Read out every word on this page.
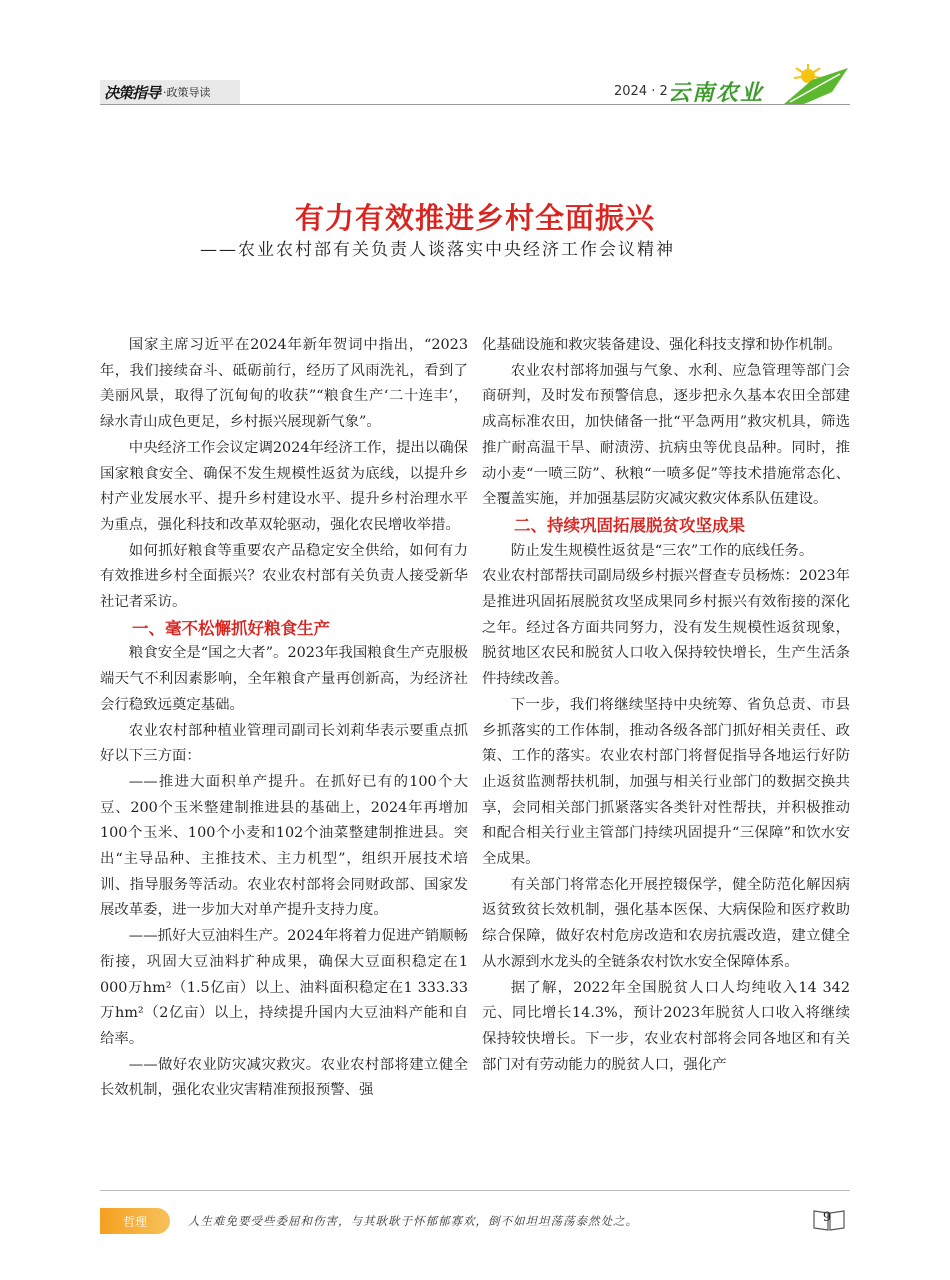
决策指导 ·政策导读	2024 · 2 云南农业
有力有效推进乡村全面振兴
——农业农村部有关负责人谈落实中央经济工作会议精神

国家主席习近平在2024年新年贺词中指出，“2023年，我们接续奋斗、砥砺前行，经历了风雨洗礼，看到了美丽风景，取得了沉甸甸的收获”“粮食生产‘二十连丰’，绿水青山成色更足，乡村振兴展现新气象”。

中央经济工作会议定调2024年经济工作，提出以确保国家粮食安全、确保不发生规模性返贫为底线，以提升乡村产业发展水平、提升乡村建设水平、提升乡村治理水平为重点，强化科技和改革双轮驱动，强化农民增收举措。

如何抓好粮食等重要农产品稳定安全供给，如何有力有效推进乡村全面振兴？农业农村部有关负责人接受新华社记者采访。

一、毫不松懈抓好粮食生产

粮食安全是“国之大者”。2023年我国粮食生产克服极端天气不利因素影响，全年粮食产量再创新高，为经济社会行稳致远奠定基础。

农业农村部种植业管理司副司长刘莉华表示要重点抓好以下三方面：

——推进大面积单产提升。在抓好已有的100个大豆、200个玉米整建制推进县的基础上，2024年再增加100个玉米、100个小麦和102个油菜整建制推进县。突出“主导品种、主推技术、主力机型”，组织开展技术培训、指导服务等活动。农业农村部将会同财政部、国家发展改革委，进一步加大对单产提升支持力度。

——抓好大豆油料生产。2024年将着力促进产销顺畅衔接，巩固大豆油料扩种成果，确保大豆面积稳定在1 000万hm²（1.5亿亩）以上、油料面积稳定在1 333.33万hm²（2亿亩）以上，持续提升国内大豆油料产能和自给率。

——做好农业防灾减灾救灾。农业农村部将建立健全长效机制，强化农业灾害精准预报预警、强

化基础设施和救灾装备建设、强化科技支撑和协作机制。

农业农村部将加强与气象、水利、应急管理等部门会商研判，及时发布预警信息，逐步把永久基本农田全部建成高标准农田，加快储备一批“平急两用”救灾机具，筛选推广耐高温干旱、耐渍涝、抗病虫等优良品种。同时，推动小麦“一喷三防”、秋粮“一喷多促”等技术措施常态化、全覆盖实施，并加强基层防灾减灾救灾体系队伍建设。

二、持续巩固拓展脱贫攻坚成果

防止发生规模性返贫是“三农”工作的底线任务。

农业农村部帮扶司副局级乡村振兴督查专员杨炼：2023年是推进巩固拓展脱贫攻坚成果同乡村振兴有效衔接的深化之年。经过各方面共同努力，没有发生规模性返贫现象，脱贫地区农民和脱贫人口收入保持较快增长，生产生活条件持续改善。

下一步，我们将继续坚持中央统筹、省负总责、市县乡抓落实的工作体制，推动各级各部门抓好相关责任、政策、工作的落实。农业农村部门将督促指导各地运行好防止返贫监测帮扶机制，加强与相关行业部门的数据交换共享，会同相关部门抓紧落实各类针对性帮扶，并积极推动和配合相关行业主管部门持续巩固提升“三保障”和饮水安全成果。

有关部门将常态化开展控辍保学，健全防范化解因病返贫致贫长效机制，强化基本医保、大病保险和医疗救助综合保障，做好农村危房改造和农房抗震改造，建立健全从水源到水龙头的全链条农村饮水安全保障体系。

据了解，2022年全国脱贫人口人均纯收入14 342元、同比增长14.3%，预计2023年脱贫人口收入将继续保持较快增长。下一步，农业农村部将会同各地区和有关部门对有劳动能力的脱贫人口，强化产

哲理	人生难免要受些委屈和伤害，与其耿耿于怀郁郁寡欢，倒不如坦坦荡荡泰然处之。	9
